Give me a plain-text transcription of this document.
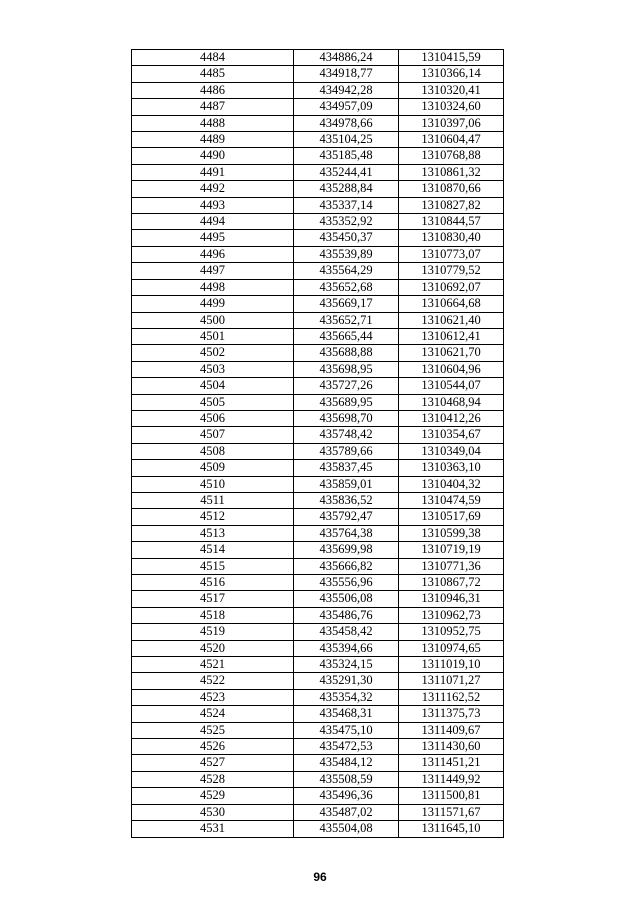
4484	434886,24	1310415,59
4485	434918,77	1310366,14
4486	434942,28	1310320,41
4487	434957,09	1310324,60
4488	434978,66	1310397,06
4489	435104,25	1310604,47
4490	435185,48	1310768,88
4491	435244,41	1310861,32
4492	435288,84	1310870,66
4493	435337,14	1310827,82
4494	435352,92	1310844,57
4495	435450,37	1310830,40
4496	435539,89	1310773,07
4497	435564,29	1310779,52
4498	435652,68	1310692,07
4499	435669,17	1310664,68
4500	435652,71	1310621,40
4501	435665,44	1310612,41
4502	435688,88	1310621,70
4503	435698,95	1310604,96
4504	435727,26	1310544,07
4505	435689,95	1310468,94
4506	435698,70	1310412,26
4507	435748,42	1310354,67
4508	435789,66	1310349,04
4509	435837,45	1310363,10
4510	435859,01	1310404,32
4511	435836,52	1310474,59
4512	435792,47	1310517,69
4513	435764,38	1310599,38
4514	435699,98	1310719,19
4515	435666,82	1310771,36
4516	435556,96	1310867,72
4517	435506,08	1310946,31
4518	435486,76	1310962,73
4519	435458,42	1310952,75
4520	435394,66	1310974,65
4521	435324,15	1311019,10
4522	435291,30	1311071,27
4523	435354,32	1311162,52
4524	435468,31	1311375,73
4525	435475,10	1311409,67
4526	435472,53	1311430,60
4527	435484,12	1311451,21
4528	435508,59	1311449,92
4529	435496,36	1311500,81
4530	435487,02	1311571,67
4531	435504,08	1311645,10
96
